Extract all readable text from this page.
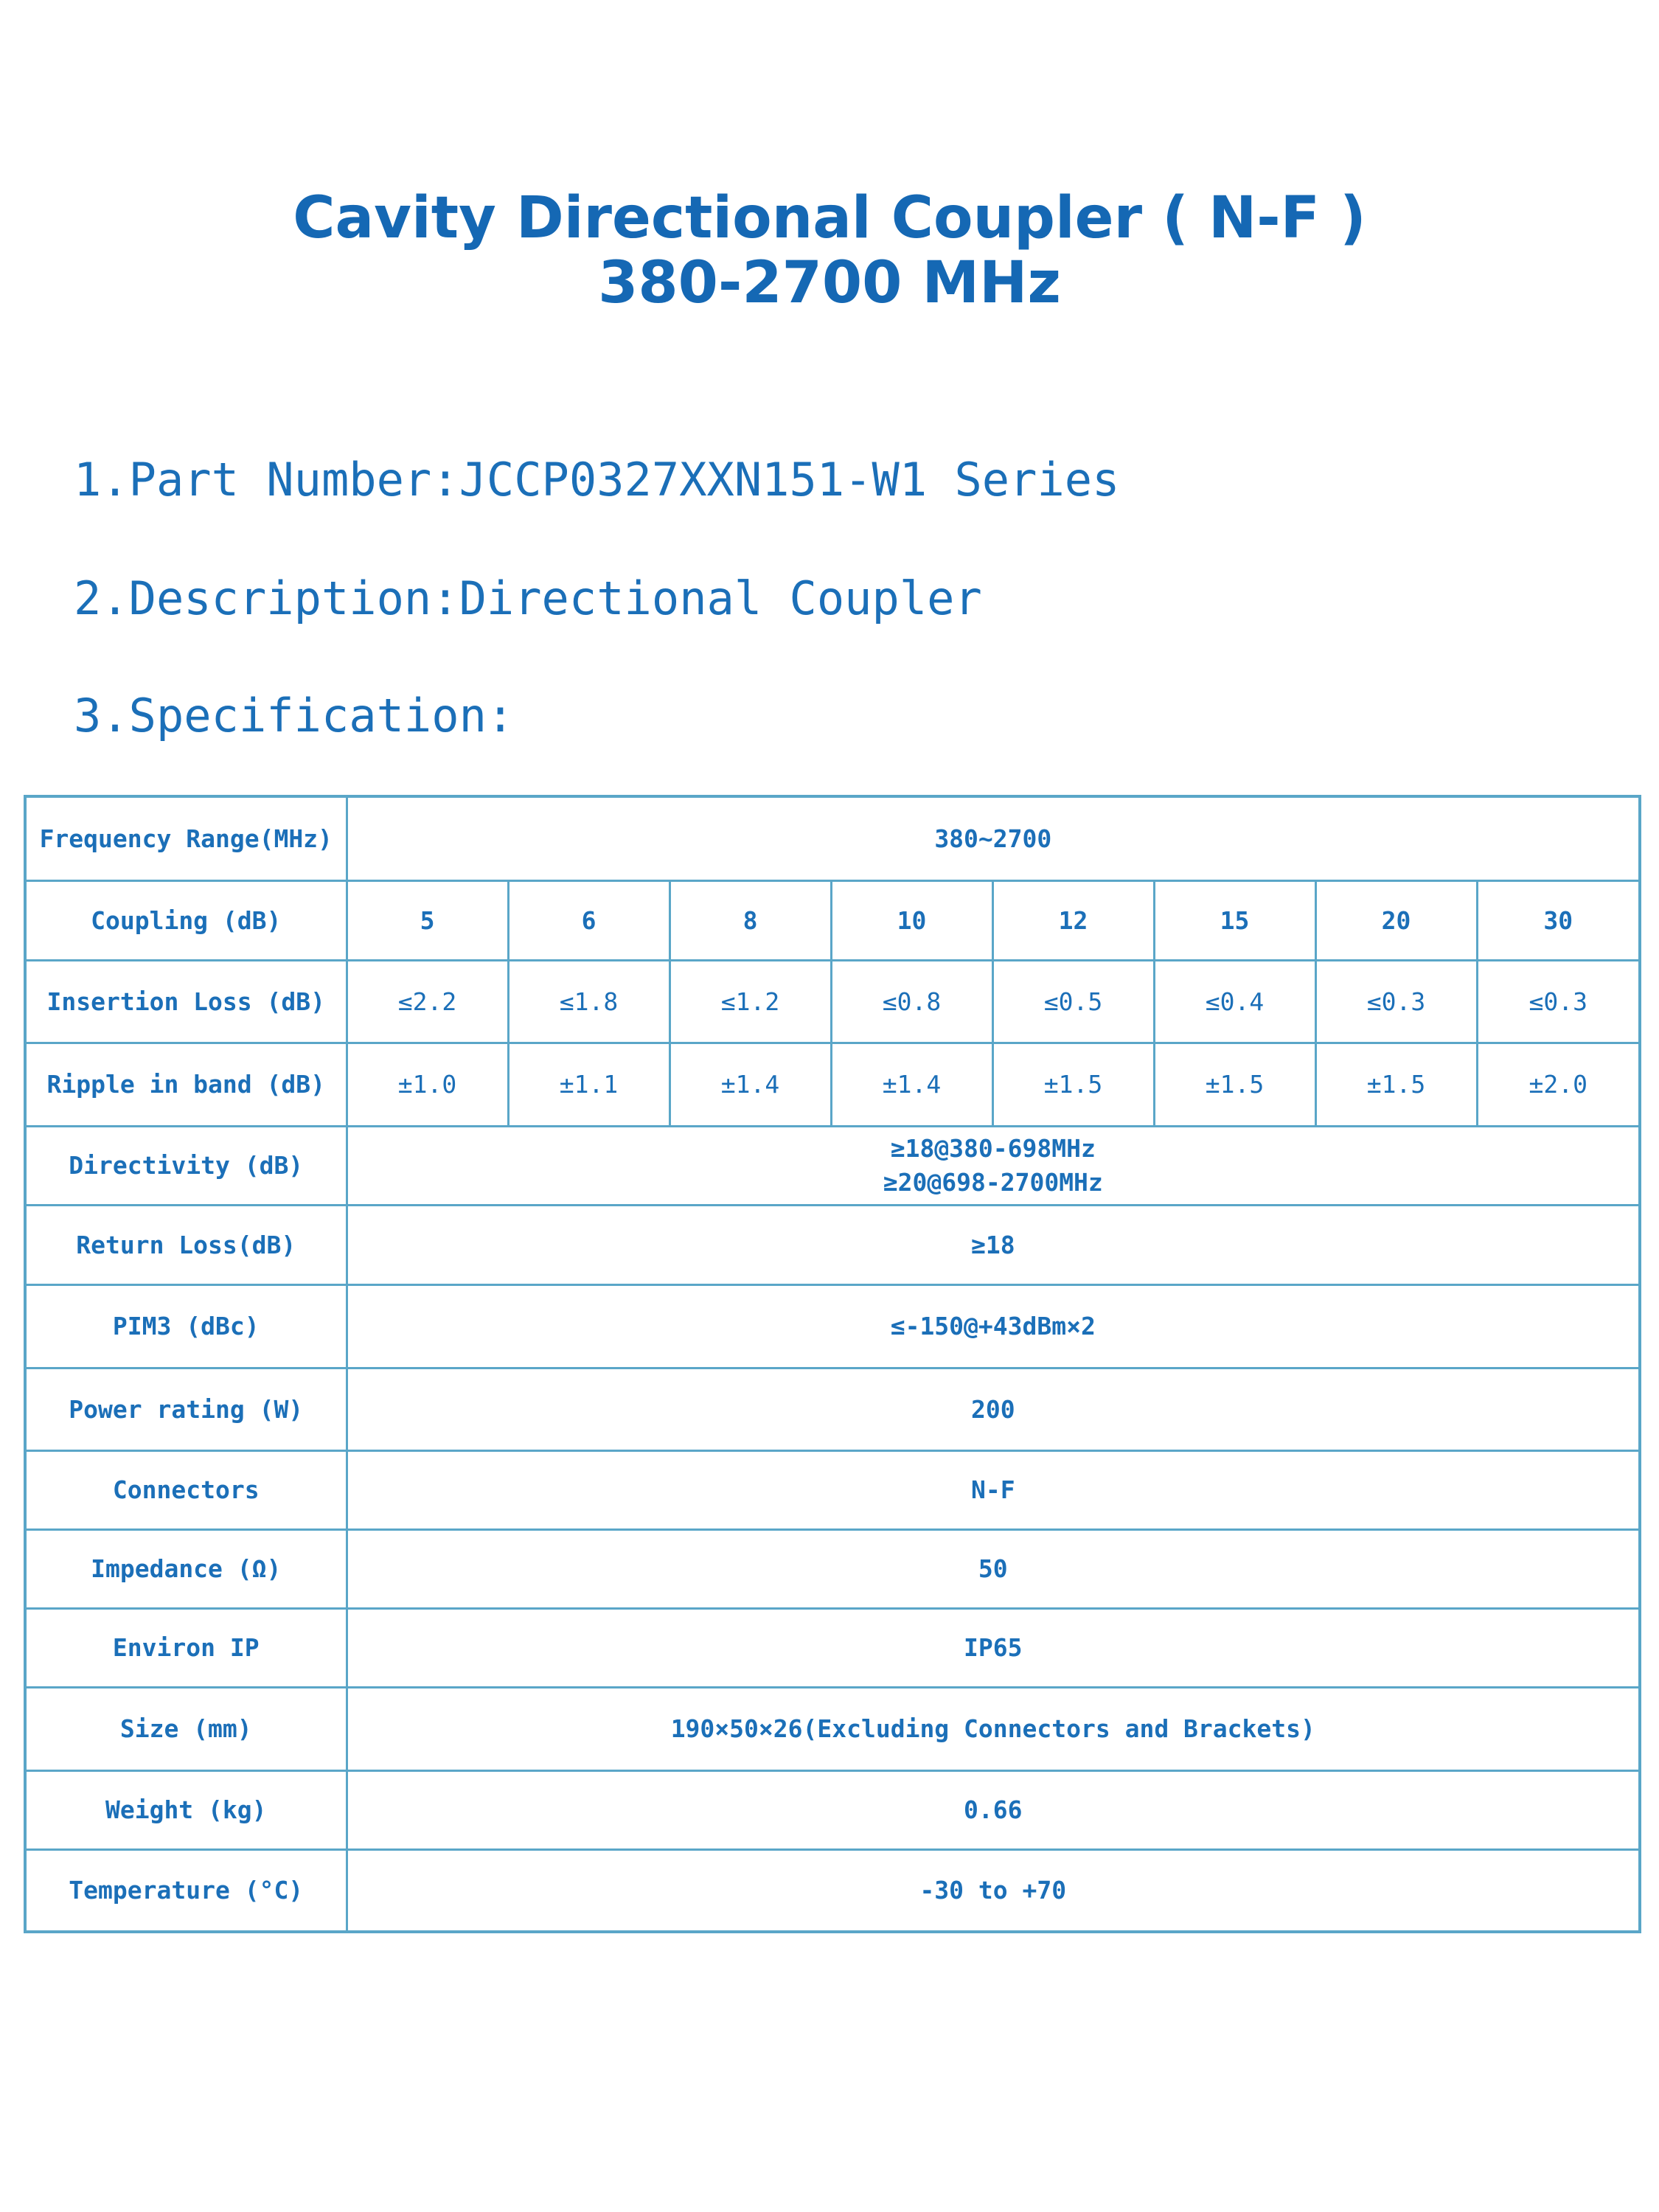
Cavity Directional Coupler ( N-F )
380-2700 MHz
1.Part Number:JCCP0327XXN151-W1 Series
2.Description:Directional Coupler
3.Specification:
Frequency Range(MHz)	380~2700							
Coupling (dB)	5	6	8	10	12	15	20	30
Insertion Loss (dB)	≤2.2	≤1.8	≤1.2	≤0.8	≤0.5	≤0.4	≤0.3	≤0.3
Ripple in band (dB)	±1.0	±1.1	±1.4	±1.4	±1.5	±1.5	±1.5	±2.0
Directivity (dB)	≥18@380-698MHz
≥20@698-2700MHz							

Return Loss(dB)	≥18							
PIM3 (dBc)	≤-150@+43dBm×2							
Power rating (W)	200							
Connectors	N-F							
Impedance (Ω)	50							
Environ IP	IP65							
Size (mm)	190×50×26(Excluding Connectors and Brackets)							
Weight (kg)	0.66							
Temperature (°C)	-30 to +70							
